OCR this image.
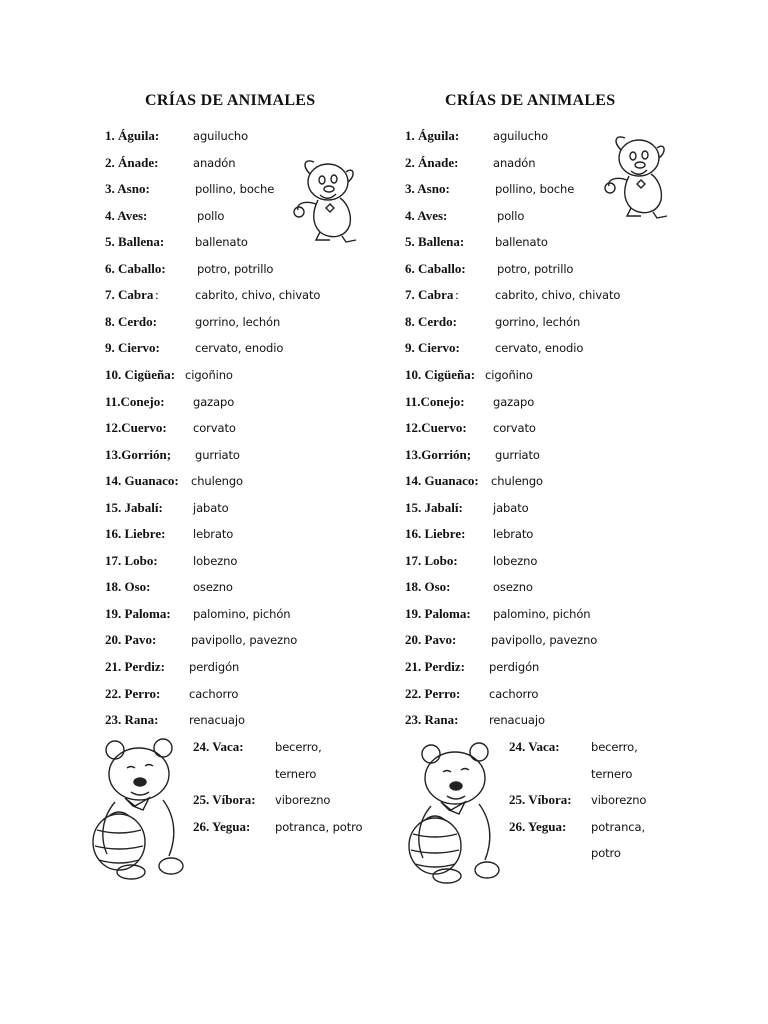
CRÍAS DE ANIMALES
1. Águila:	aguilucho
2. Ánade:	anadón
3. Asno:	pollino, boche
4. Aves:	pollo
5. Ballena:	ballenato
6. Caballo:	potro, potrillo
7. Cabra :	cabrito, chivo, chivato
8. Cerdo:	gorrino, lechón
9. Ciervo:	cervato, enodio
10. Cigüeña: cigoñino
11.Conejo: gazapo
12.Cuervo: corvato
13.Gorrión; gurriato
14. Guanaco: chulengo
15. Jabalí:	jabato
16. Liebre: lebrato
17. Lobo:	lobezno
18. Oso:	osezno
19. Paloma: palomino, pichón
20. Pavo:	pavipollo, pavezno
21. Perdiz: perdigón
22. Perro: cachorro
23. Rana:	renacuajo
24. Vaca:	becerro,
ternero
25. Víbora: viborezno
26. Yegua: potranca, potro
CRÍAS DE ANIMALES
1. Águila:	aguilucho
2. Ánade:	anadón
3. Asno:	pollino, boche
4. Aves:	pollo
5. Ballena:	ballenato
6. Caballo:	potro, potrillo
7. Cabra :	cabrito, chivo, chivato
8. Cerdo:	gorrino, lechón
9. Ciervo:	cervato, enodio
10. Cigüeña: cigoñino
11.Conejo: gazapo
12.Cuervo: corvato
13.Gorrión; gurriato
14. Guanaco: chulengo
15. Jabalí:	jabato
16. Liebre: lebrato
17. Lobo:	lobezno
18. Oso:	osezno
19. Paloma: palomino, pichón
20. Pavo:	pavipollo, pavezno
21. Perdiz: perdigón
22. Perro: cachorro
23. Rana:	renacuajo
24. Vaca:	becerro,
ternero
25. Víbora: viborezno
26. Yegua: potranca,
potro
